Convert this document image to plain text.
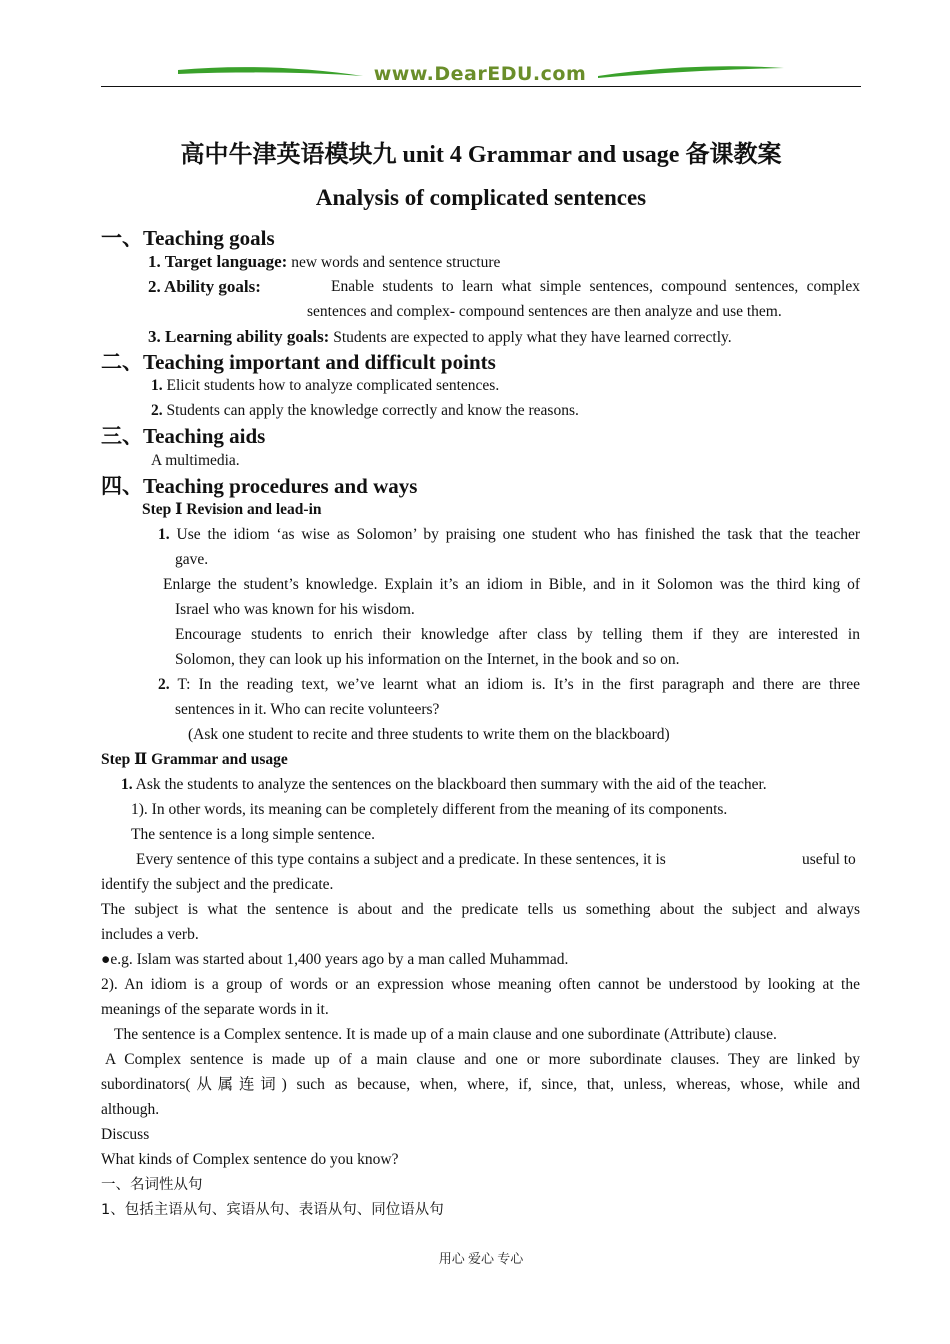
www.DearEDU.com
高中牛津英语模块九 unit 4 Grammar and usage 备课教案
Analysis of complicated sentences
一、Teaching goals
1. Target language: new words and sentence structure
2. Ability goals:	Enable students to learn what simple sentences, compound sentences, complex
sentences and complex- compound sentences are then analyze and use them.
3. Learning ability goals: Students are expected to apply what they have learned correctly.
二、Teaching important and difficult points
1. Elicit students how to analyze complicated sentences.
2. Students can apply the knowledge correctly and know the reasons.
三、Teaching aids
A multimedia.
四、Teaching procedures and ways
Step Ⅰ Revision and lead-in
1. Use the idiom ‘as wise as Solomon’ by praising one student who has finished the task that the teacher
gave.
Enlarge the student’s knowledge. Explain it’s an idiom in Bible, and in it Solomon was the third king of
Israel who was known for his wisdom.
Encourage students to enrich their knowledge after class by telling them if they are interested in
Solomon, they can look up his information on the Internet, in the book and so on.
2. T: In the reading text, we’ve learnt what an idiom is. It’s in the first paragraph and there are three
sentences in it. Who can recite volunteers?
(Ask one student to recite and three students to write them on the blackboard)
Step Ⅱ Grammar and usage
1. Ask the students to analyze the sentences on the blackboard then summary with the aid of the teacher.
1). In other words, its meaning can be completely different from the meaning of its components.
The sentence is a long simple sentence.
Every sentence of this type contains a subject and a predicate. In these sentences, it is	useful to
identify the subject and the predicate.
The subject is what the sentence is about and the predicate tells us something about the subject and always
includes a verb.
●e.g. Islam was started about 1,400 years ago by a man called Muhammad.
2). An idiom is a group of words or an expression whose meaning often cannot be understood by looking at the
meanings of the separate words in it.
The sentence is a Complex sentence. It is made up of a main clause and one subordinate (Attribute) clause.
A Complex sentence is made up of a main clause and one or more subordinate clauses. They are linked by
subordinators(从属连词) such as because, when, where, if, since, that, unless, whereas, whose, while and
although.
Discuss
What kinds of Complex sentence do you know?
一、名词性从句
1、包括主语从句、宾语从句、表语从句、同位语从句
用心 爱心 专心
